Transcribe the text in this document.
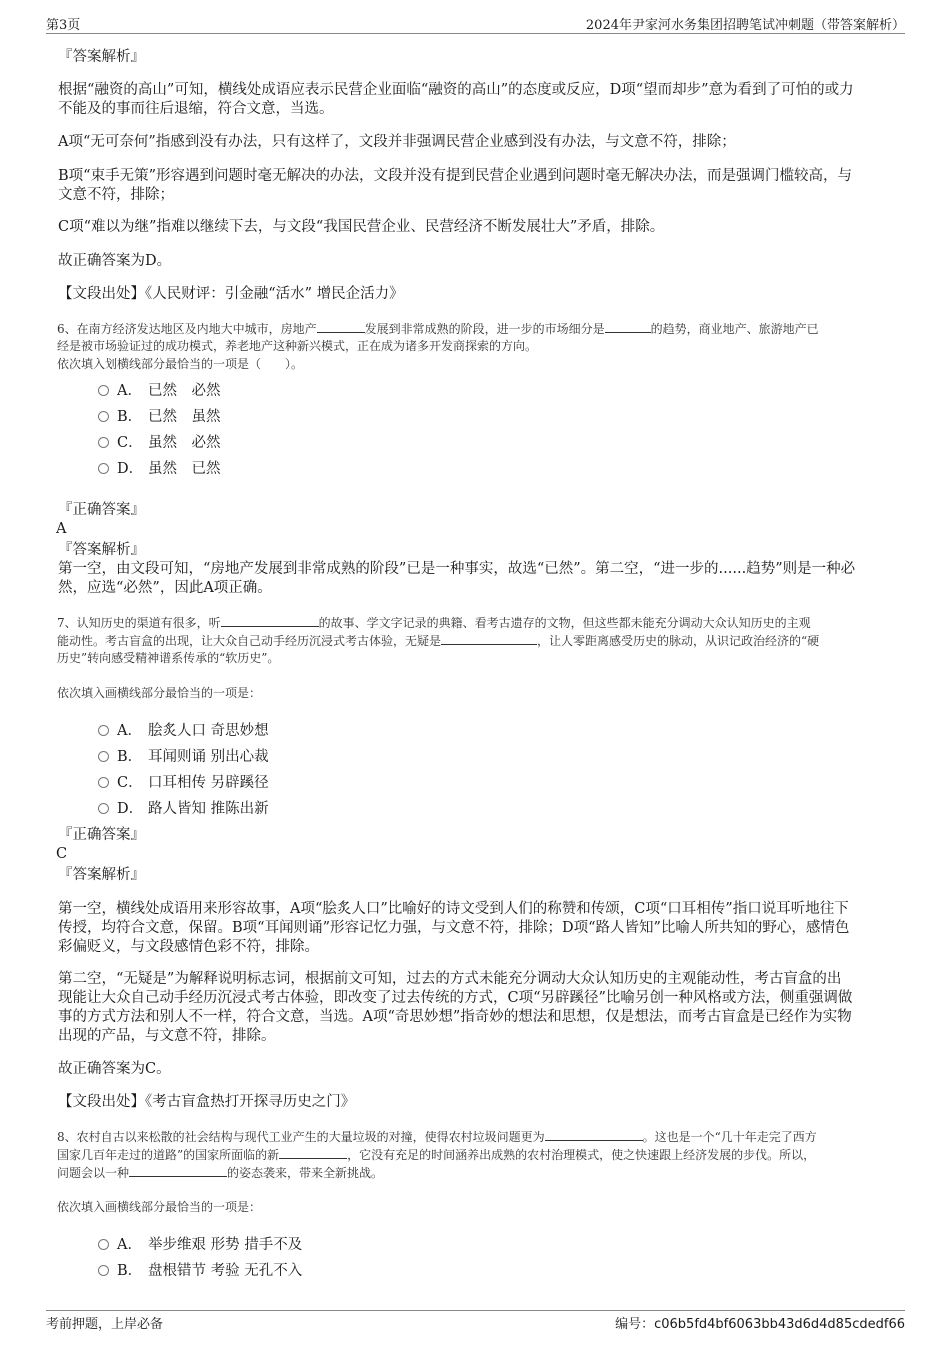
第3页	2024年尹家河水务集团招聘笔试冲刺题（带答案解析）
『答案解析』
根据“融资的高山”可知，横线处成语应表示民营企业面临“融资的高山”的态度或反应，D项“望而却步”意为看到了可怕的或力
不能及的事而往后退缩，符合文意，当选。
A项“无可奈何”指感到没有办法，只有这样了，文段并非强调民营企业感到没有办法，与文意不符，排除；
B项“束手无策”形容遇到问题时毫无解决的办法，文段并没有提到民营企业遇到问题时毫无解决办法，而是强调门槛较高，与
文意不符，排除；
C项“难以为继”指难以继续下去，与文段“我国民营企业、民营经济不断发展壮大”矛盾，排除。
故正确答案为D。
【文段出处】《人民财评：引金融“活水” 增民企活力》
6、在南方经济发达地区及内地大中城市，房地产	发展到非常成熟的阶段，进一步的市场细分是	的趋势，商业地产、旅游地产已
经是被市场验证过的成功模式，养老地产这种新兴模式，正在成为诸多开发商探索的方向。
依次填入划横线部分最恰当的一项是（　　）。
A． 已然　必然
B． 已然　虽然
C． 虽然　必然
D． 虽然　已然
『正确答案』
A
『答案解析』
第一空，由文段可知，“房地产发展到非常成熟的阶段”已是一种事实，故选“已然”。第二空，“进一步的......趋势”则是一种必
然，应选“必然”，因此A项正确。
7、认知历史的渠道有很多，听	的故事、学文字记录的典籍、看考古遗存的文物，但这些都未能充分调动大众认知历史的主观
能动性。考古盲盒的出现，让大众自己动手经历沉浸式考古体验，无疑是	，让人零距离感受历史的脉动，从识记政治经济的“硬
历史”转向感受精神谱系传承的“软历史”。
依次填入画横线部分最恰当的一项是：
A． 脍炙人口 奇思妙想
B． 耳闻则诵 别出心裁
C． 口耳相传 另辟蹊径
D． 路人皆知 推陈出新
『正确答案』
C
『答案解析』
第一空，横线处成语用来形容故事，A项“脍炙人口”比喻好的诗文受到人们的称赞和传颂，C项“口耳相传”指口说耳听地往下
传授，均符合文意，保留。B项“耳闻则诵”形容记忆力强，与文意不符，排除；D项“路人皆知”比喻人所共知的野心，感情色
彩偏贬义，与文段感情色彩不符，排除。
第二空，“无疑是”为解释说明标志词，根据前文可知，过去的方式未能充分调动大众认知历史的主观能动性，考古盲盒的出
现能让大众自己动手经历沉浸式考古体验，即改变了过去传统的方式，C项“另辟蹊径”比喻另创一种风格或方法，侧重强调做
事的方式方法和别人不一样，符合文意，当选。A项“奇思妙想”指奇妙的想法和思想，仅是想法，而考古盲盒是已经作为实物
出现的产品，与文意不符，排除。
故正确答案为C。
【文段出处】《考古盲盒热打开探寻历史之门》
8、农村自古以来松散的社会结构与现代工业产生的大量垃圾的对撞，使得农村垃圾问题更为	。这也是一个“几十年走完了西方
国家几百年走过的道路”的国家所面临的新	，它没有充足的时间涵养出成熟的农村治理模式，使之快速跟上经济发展的步伐。所以，
问题会以一种	的姿态袭来，带来全新挑战。
依次填入画横线部分最恰当的一项是：
A． 举步维艰 形势 措手不及
B． 盘根错节 考验 无孔不入
考前押题，上岸必备	编号：c06b5fd4bf6063bb43d6d4d85cdedf66
